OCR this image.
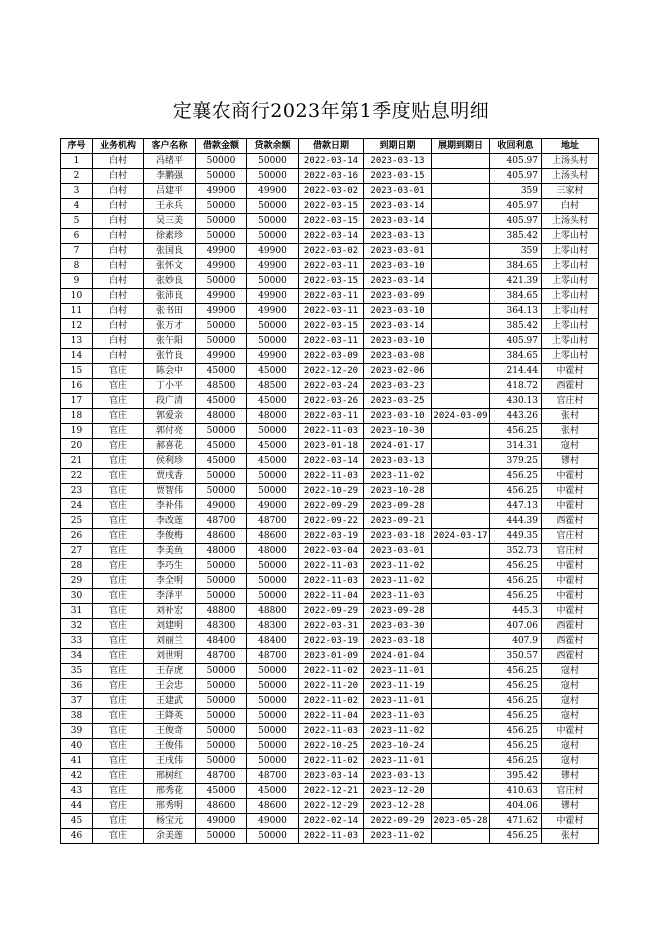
定襄农商行2023年第1季度贴息明细
序号	业务机构	客户名称	借款金额	贷款余额	借款日期	到期日期	展期到期日	收回利息	地址
1	白村	冯绪平	50000	50000	2022-03-14	2023-03-13		405.97	上汤头村
2	白村	李鹏强	50000	50000	2022-03-16	2023-03-15		405.97	上汤头村
3	白村	吕建平	49900	49900	2022-03-02	2023-03-01		359	三家村
4	白村	王永兵	50000	50000	2022-03-15	2023-03-14		405.97	白村
5	白村	吴三美	50000	50000	2022-03-15	2023-03-14		405.97	上汤头村
6	白村	徐素珍	50000	50000	2022-03-14	2023-03-13		385.42	上零山村
7	白村	张国良	49900	49900	2022-03-02	2023-03-01		359	上零山村
8	白村	张怀文	49900	49900	2022-03-11	2023-03-10		384.65	上零山村
9	白村	张妙良	50000	50000	2022-03-15	2023-03-14		421.39	上零山村
10	白村	张沛良	49900	49900	2022-03-11	2023-03-09		384.65	上零山村
11	白村	张书田	49900	49900	2022-03-11	2023-03-10		364.13	上零山村
12	白村	张万才	50000	50000	2022-03-15	2023-03-14		385.42	上零山村
13	白村	张午阳	50000	50000	2022-03-11	2023-03-10		405.97	上零山村
14	白村	张竹良	49900	49900	2022-03-09	2023-03-08		384.65	上零山村
15	官庄	陈会中	45000	45000	2022-12-20	2023-02-06		214.44	中霍村
16	官庄	丁小平	48500	48500	2022-03-24	2023-03-23		418.72	西霍村
17	官庄	段广清	45000	45000	2022-03-26	2023-03-25		430.13	官庄村
18	官庄	郭爱亲	48000	48000	2022-03-11	2023-03-10	2024-03-09	443.26	张村
19	官庄	郭付亮	50000	50000	2022-11-03	2023-10-30		456.25	张村
20	官庄	郝喜花	45000	45000	2023-01-18	2024-01-17		314.31	寇村
21	官庄	侯利珍	45000	45000	2022-03-14	2023-03-13		379.25	镠村
22	官庄	贾戌香	50000	50000	2022-11-03	2023-11-02		456.25	中霍村
23	官庄	贾智伟	50000	50000	2022-10-29	2023-10-28		456.25	中霍村
24	官庄	李补伟	49000	49000	2022-09-29	2023-09-28		447.13	中霍村
25	官庄	李改莲	48700	48700	2022-09-22	2023-09-21		444.39	西霍村
26	官庄	李俊梅	48600	48600	2022-03-19	2023-03-18	2024-03-17	449.35	官庄村
27	官庄	李美鱼	48000	48000	2022-03-04	2023-03-01		352.73	官庄村
28	官庄	李巧生	50000	50000	2022-11-03	2023-11-02		456.25	中霍村
29	官庄	李全明	50000	50000	2022-11-03	2023-11-02		456.25	中霍村
30	官庄	李泽平	50000	50000	2022-11-04	2023-11-03		456.25	中霍村
31	官庄	刘补宏	48800	48800	2022-09-29	2023-09-28		445.3	中霍村
32	官庄	刘建明	48300	48300	2022-03-31	2023-03-30		407.06	西霍村
33	官庄	刘丽兰	48400	48400	2022-03-19	2023-03-18		407.9	西霍村
34	官庄	刘世明	48700	48700	2023-01-09	2024-01-04		350.57	西霍村
35	官庄	王存虎	50000	50000	2022-11-02	2023-11-01		456.25	寇村
36	官庄	王会忠	50000	50000	2022-11-20	2023-11-19		456.25	寇村
37	官庄	王建武	50000	50000	2022-11-02	2023-11-01		456.25	寇村
38	官庄	王降英	50000	50000	2022-11-04	2023-11-03		456.25	寇村
39	官庄	王俊奇	50000	50000	2022-11-03	2023-11-02		456.25	中霍村
40	官庄	王俊伟	50000	50000	2022-10-25	2023-10-24		456.25	寇村
41	官庄	王戌伟	50000	50000	2022-11-02	2023-11-01		456.25	寇村
42	官庄	邢树红	48700	48700	2023-03-14	2023-03-13		395.42	镠村
43	官庄	邢秀花	45000	45000	2022-12-21	2023-12-20		410.63	官庄村
44	官庄	邢秀明	48600	48600	2022-12-29	2023-12-28		404.06	镠村
45	官庄	杨宝元	49000	49000	2022-02-14	2022-09-29	2023-05-28	471.62	中霍村
46	官庄	余美莲	50000	50000	2022-11-03	2023-11-02		456.25	张村
